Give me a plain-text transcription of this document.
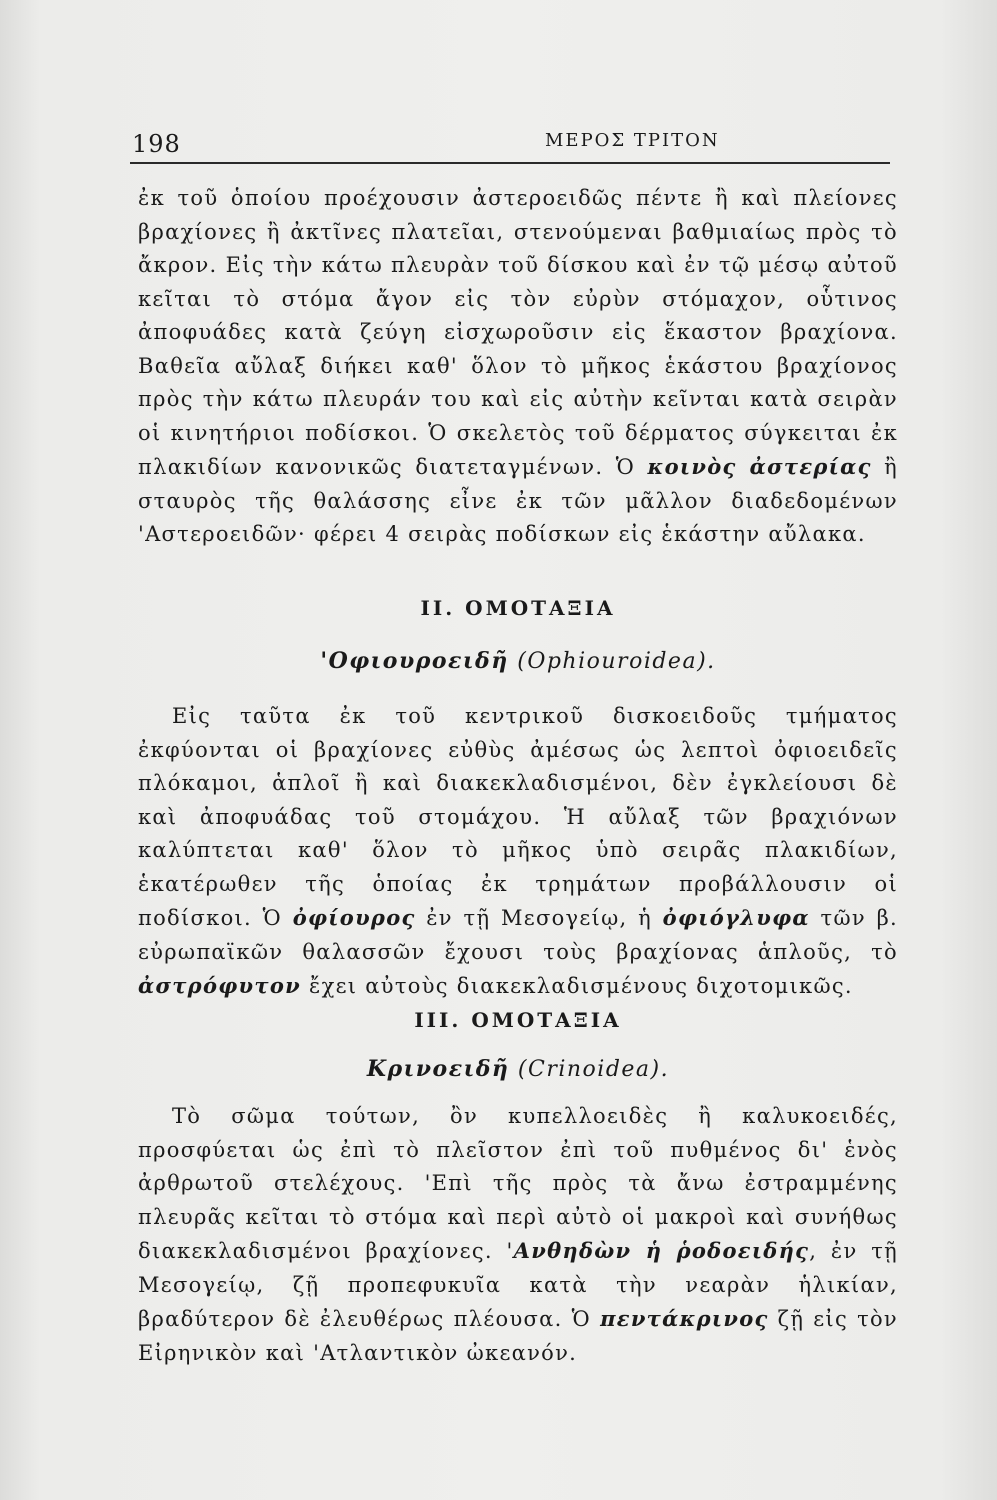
198	ΜΕΡΟΣ ΤΡΙΤΟΝ

ἐκ τοῦ ὁποίου προέχουσιν ἀστεροειδῶς πέντε ἢ καὶ πλείονες βραχίονες ἢ ἀκτῖνες πλατεῖαι, στενούμεναι βαθμιαίως πρὸς τὸ ἄκρον. Εἰς τὴν κάτω πλευρὰν τοῦ δίσκου καὶ ἐν τῷ μέσῳ αὐτοῦ κεῖται τὸ στόμα ἄγον εἰς τὸν εὐρὺν στόμαχον, οὗτινος ἀποφυάδες κατὰ ζεύγη εἰσχωροῦσιν εἰς ἕκαστον βραχίονα. Βαθεῖα αὔλαξ διήκει καθ' ὅλον τὸ μῆκος ἑκάστου βραχίονος πρὸς τὴν κάτω πλευράν του καὶ εἰς αὐτὴν κεῖνται κατὰ σειρὰν οἱ κινητήριοι ποδίσκοι. Ὁ σκελετὸς τοῦ δέρματος σύγκειται ἐκ πλακιδίων κανονικῶς διατεταγμένων. Ὁ κοινὸς ἀστερίας ἢ σταυρὸς τῆς θαλάσσης εἶνε ἐκ τῶν μᾶλλον διαδεδομένων 'Αστεροειδῶν· φέρει 4 σειρὰς ποδίσκων εἰς ἑκάστην αὔλακα.

II. ΟΜΟΤΑΞΙΑ
'Οφιουροειδῆ (Ophiouroidea).

Εἰς ταῦτα ἐκ τοῦ κεντρικοῦ δισκοειδοῦς τμήματος ἐκφύονται οἱ βραχίονες εὐθὺς ἀμέσως ὡς λεπτοὶ ὀφιοειδεῖς πλόκαμοι, ἁπλοῖ ἢ καὶ διακεκλαδισμένοι, δὲν ἐγκλείουσι δὲ καὶ ἀποφυάδας τοῦ στομάχου. Ἡ αὔλαξ τῶν βραχιόνων καλύπτεται καθ' ὅλον τὸ μῆκος ὑπὸ σειρᾶς πλακιδίων, ἑκατέρωθεν τῆς ὁποίας ἐκ τρημάτων προβάλλουσιν οἱ ποδίσκοι. Ὁ ὀφίουρος ἐν τῇ Μεσογείῳ, ἡ ὀφιόγλυφα τῶν β. εὐρωπαϊκῶν θαλασσῶν ἔχουσι τοὺς βραχίονας ἁπλοῦς, τὸ ἀστρόφυτον ἔχει αὐτοὺς διακεκλαδισμένους διχοτομικῶς.

III. ΟΜΟΤΑΞΙΑ
Κρινοειδῆ (Crinoidea).

Τὸ σῶμα τούτων, ὂν κυπελλοειδὲς ἢ καλυκοειδές, προσφύεται ὡς ἐπὶ τὸ πλεῖστον ἐπὶ τοῦ πυθμένος δι' ἑνὸς ἀρθρωτοῦ στελέχους. 'Επὶ τῆς πρὸς τὰ ἄνω ἐστραμμένης πλευρᾶς κεῖται τὸ στόμα καὶ περὶ αὐτὸ οἱ μακροὶ καὶ συνήθως διακεκλαδισμένοι βραχίονες. 'Ανθηδὼν ἡ ῥοδοειδής, ἐν τῇ Μεσογείῳ, ζῇ προπεφυκυῖα κατὰ τὴν νεαρὰν ἡλικίαν, βραδύτερον δὲ ἐλευθέρως πλέουσα. Ὁ πεντάκρινος ζῇ εἰς τὸν Εἰρηνικὸν καὶ 'Ατλαντικὸν ὠκεανόν.
